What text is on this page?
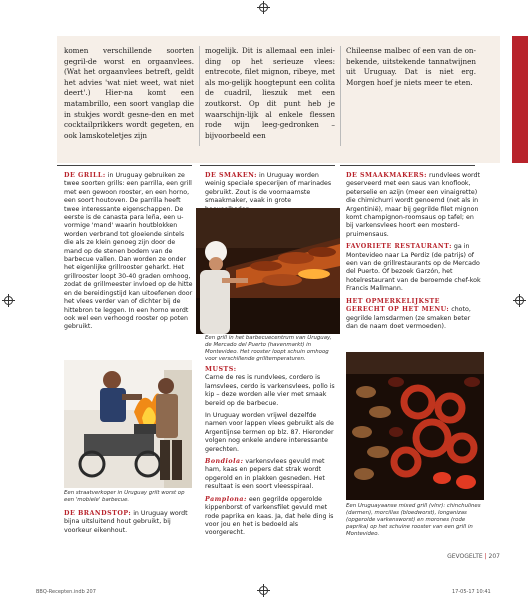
komen verschillende soorten gegril-de worst en orgaanvlees. (Wat het orgaanvlees betreft, geldt het advies 'wat niet weet, wat niet deert'.) Hier-na komt een matambrillo, een soort vanglap die in stukjes wordt gesne-den en met cocktailprikkers wordt gegeten, en ook lamskoteletjes zijn

mogelijk. Dit is allemaal een inlei-ding op het serieuze vlees: entrecote, filet mignon, ribeye, met als mo-gelijk hoogtepunt een colita de cuadril, lieszuk met een zoutkorst. Op dit punt heb je waarschijn-lijk al enkele flessen rode wijn leeg-gedronken – bijvoorbeeld een

Chileense malbec of een van de on-bekende, uitstekende tannatwijnen uit Uruguay. Dat is niet erg. Morgen hoef je niets meer te eten.

DE GRILL: in Uruguay gebruiken ze twee soorten grills: een parrilla, een grill met een gewoon rooster, en een horno, een soort houtoven. De parrilla heeft twee interessante eigenschappen. De eerste is de canasta para leña, een u-vormige 'mand' waarin houtblokken worden verbrand tot gloeiende sintels die als ze klein genoeg zijn door de mand op de stenen bodem van de barbecue vallen. Dan worden ze onder het eigenlijke grillrooster geharkt. Het grillrooster loopt 30-40 graden omhoog, zodat de grillmeester invloed op de hitte en de bereidingstijd kan uitoefenen door het vlees verder van of dichter bij de hittebron te leggen. In een horno wordt ook wel een verhoogd rooster op poten gebruikt.

Een straatverkoper in Uruguay grilt worst op een 'mobiele' barbecue.

DE BRANDSTOP: in Uruguay wordt bijna uitsluitend hout gebruikt, bij voorkeur eikenhout.

DE SMAKEN: in Uruguay worden weinig speciale specerijen of marinades gebruikt. Zout is de voornaamste smaakmaker, vaak in grote

Een grill in het barbecuecentrum van Uruguay, de Mercado del Puerto (havenmarkt) in Montevideo. Het rooster loopt schuin omhoog voor verschillende grilltemperaturen.

MUSTS:
Carne de res is rundvlees, cordero is lamsvlees, cerdo is varkensvlees, pollo is kip – deze worden alle vier met smaak bereid op de barbecue.

In Uruguay worden vrijwel dezelfde namen voor lappen vlees gebruikt als de Argentijnse termen op blz. 87. Hieronder volgen nog enkele andere interessante gerechten.

Bondiola: varkensvlees gevuld met ham, kaas en pepers dat strak wordt opgerold en in plakken gesneden. Het resultaat is een soort vleesspiraal.

Pamplona: een gegrilde opgerolde kippenborst of varkensfilet gevuld met rode paprika en kaas. Ja, dat hele ding is voor jou en het is bedoeld als voorgerecht.

DE SMAAKMAKERS: rundvlees wordt geserveerd met een saus van knoflook, peterselie en azijn (meer een vinaigrette) die chimichurri wordt genoemd (net als in Argentinië), maar bij gegrilde filet mignon komt champignon-roomsaus op tafel; en bij varkensvlees hoort een mosterd-pruimensaus.

FAVORIETE RESTAURANT: ga in Montevideo naar La Perdiz (de patrijs) of een van de grillrestaurants op de Mercado del Puerto. Of bezoek Garzón, het hotelrestaurant van de beroemde chef-kok Francis Mallmann.

HET OPMERKELIJKSTE GERECHT OP HET MENU: choto, gegrilde lamsdarmen (ze smaken beter dan de naam doet vermoeden).

Een Uruguayaanse mixed grill (vlnr): chinchulines (darmen), morcillas (bloedworst), longanizas (opgerolde varkensworst) en morones (rode paprika) op het schuine rooster van een grill in Montevideo.
GEVOGELTE | 207
BBQ-Recepten.indb 207	17-05-17 10:41
